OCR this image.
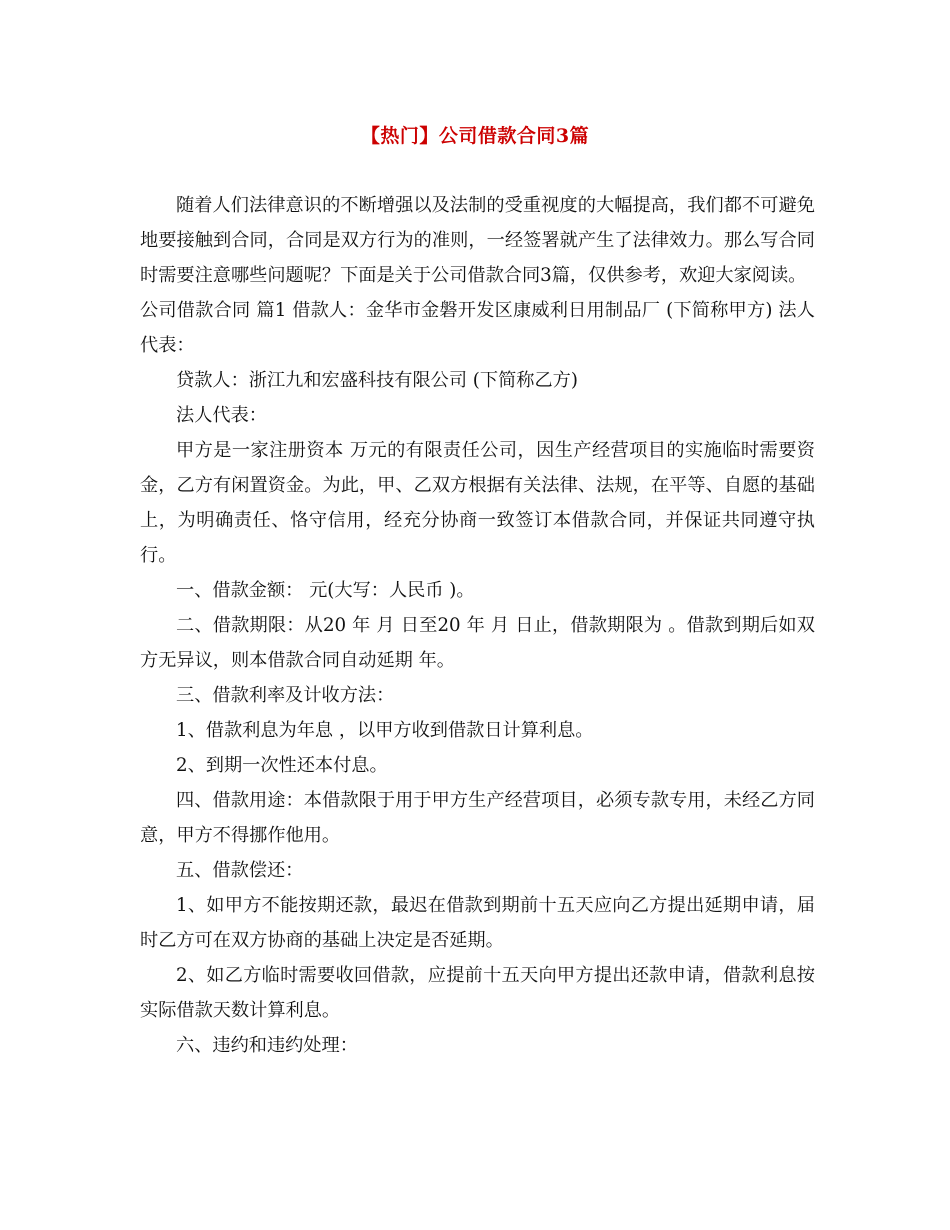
【热门】公司借款合同3篇

随着人们法律意识的不断增强以及法制的受重视度的大幅提高，我们都不可避免地要接触到合同，合同是双方行为的准则，一经签署就产生了法律效力。那么写合同时需要注意哪些问题呢？下面是关于公司借款合同3篇，仅供参考，欢迎大家阅读。

公司借款合同 篇1 借款人：金华市金磐开发区康威利日用制品厂 (下简称甲方) 法人代表：

贷款人：浙江九和宏盛科技有限公司 (下简称乙方)

法人代表：

甲方是一家注册资本 万元的有限责任公司，因生产经营项目的实施临时需要资金，乙方有闲置资金。为此，甲、乙双方根据有关法律、法规，在平等、自愿的基础上，为明确责任、恪守信用，经充分协商一致签订本借款合同，并保证共同遵守执行。

一、借款金额： 元(大写：人民币 )。

二、借款期限：从20 年 月 日至20 年 月 日止，借款期限为 。借款到期后如双方无异议，则本借款合同自动延期 年。

三、借款利率及计收方法：

1、借款利息为年息 ，以甲方收到借款日计算利息。

2、到期一次性还本付息。

四、借款用途：本借款限于用于甲方生产经营项目，必须专款专用，未经乙方同意，甲方不得挪作他用。

五、借款偿还：

1、如甲方不能按期还款，最迟在借款到期前十五天应向乙方提出延期申请，届时乙方可在双方协商的基础上决定是否延期。

2、如乙方临时需要收回借款，应提前十五天向甲方提出还款申请，借款利息按实际借款天数计算利息。

六、违约和违约处理：
